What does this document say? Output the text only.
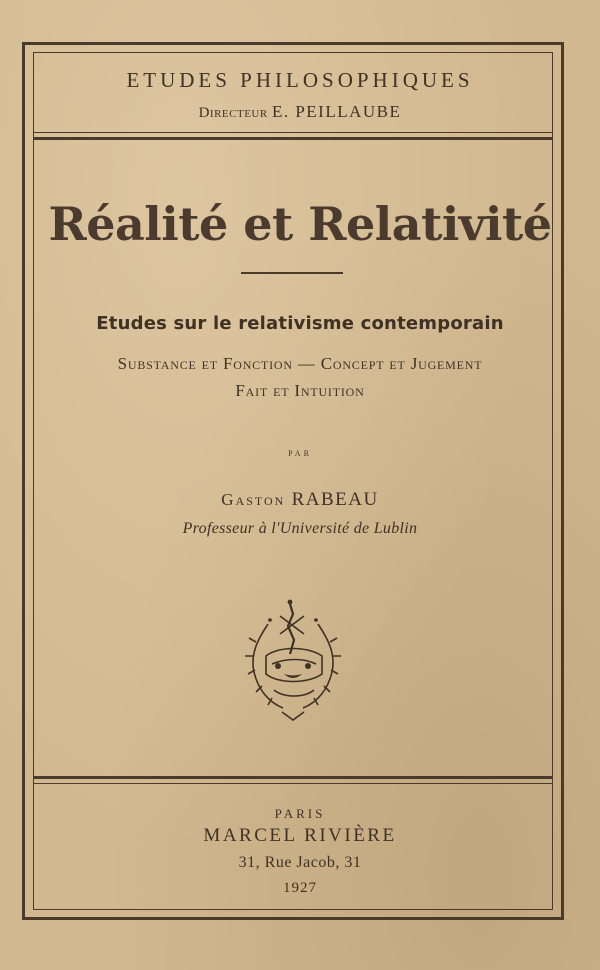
ETUDES PHILOSOPHIQUES
Directeur E. PEILLAUBE
Réalité et Relativité
Etudes sur le relativisme contemporain
Substance et Fonction — Concept et Jugement
Fait et Intuition
par
Gaston RABEAU
Professeur à l'Université de Lublin
PARIS
MARCEL RIVIÈRE
31, Rue Jacob, 31
1927
